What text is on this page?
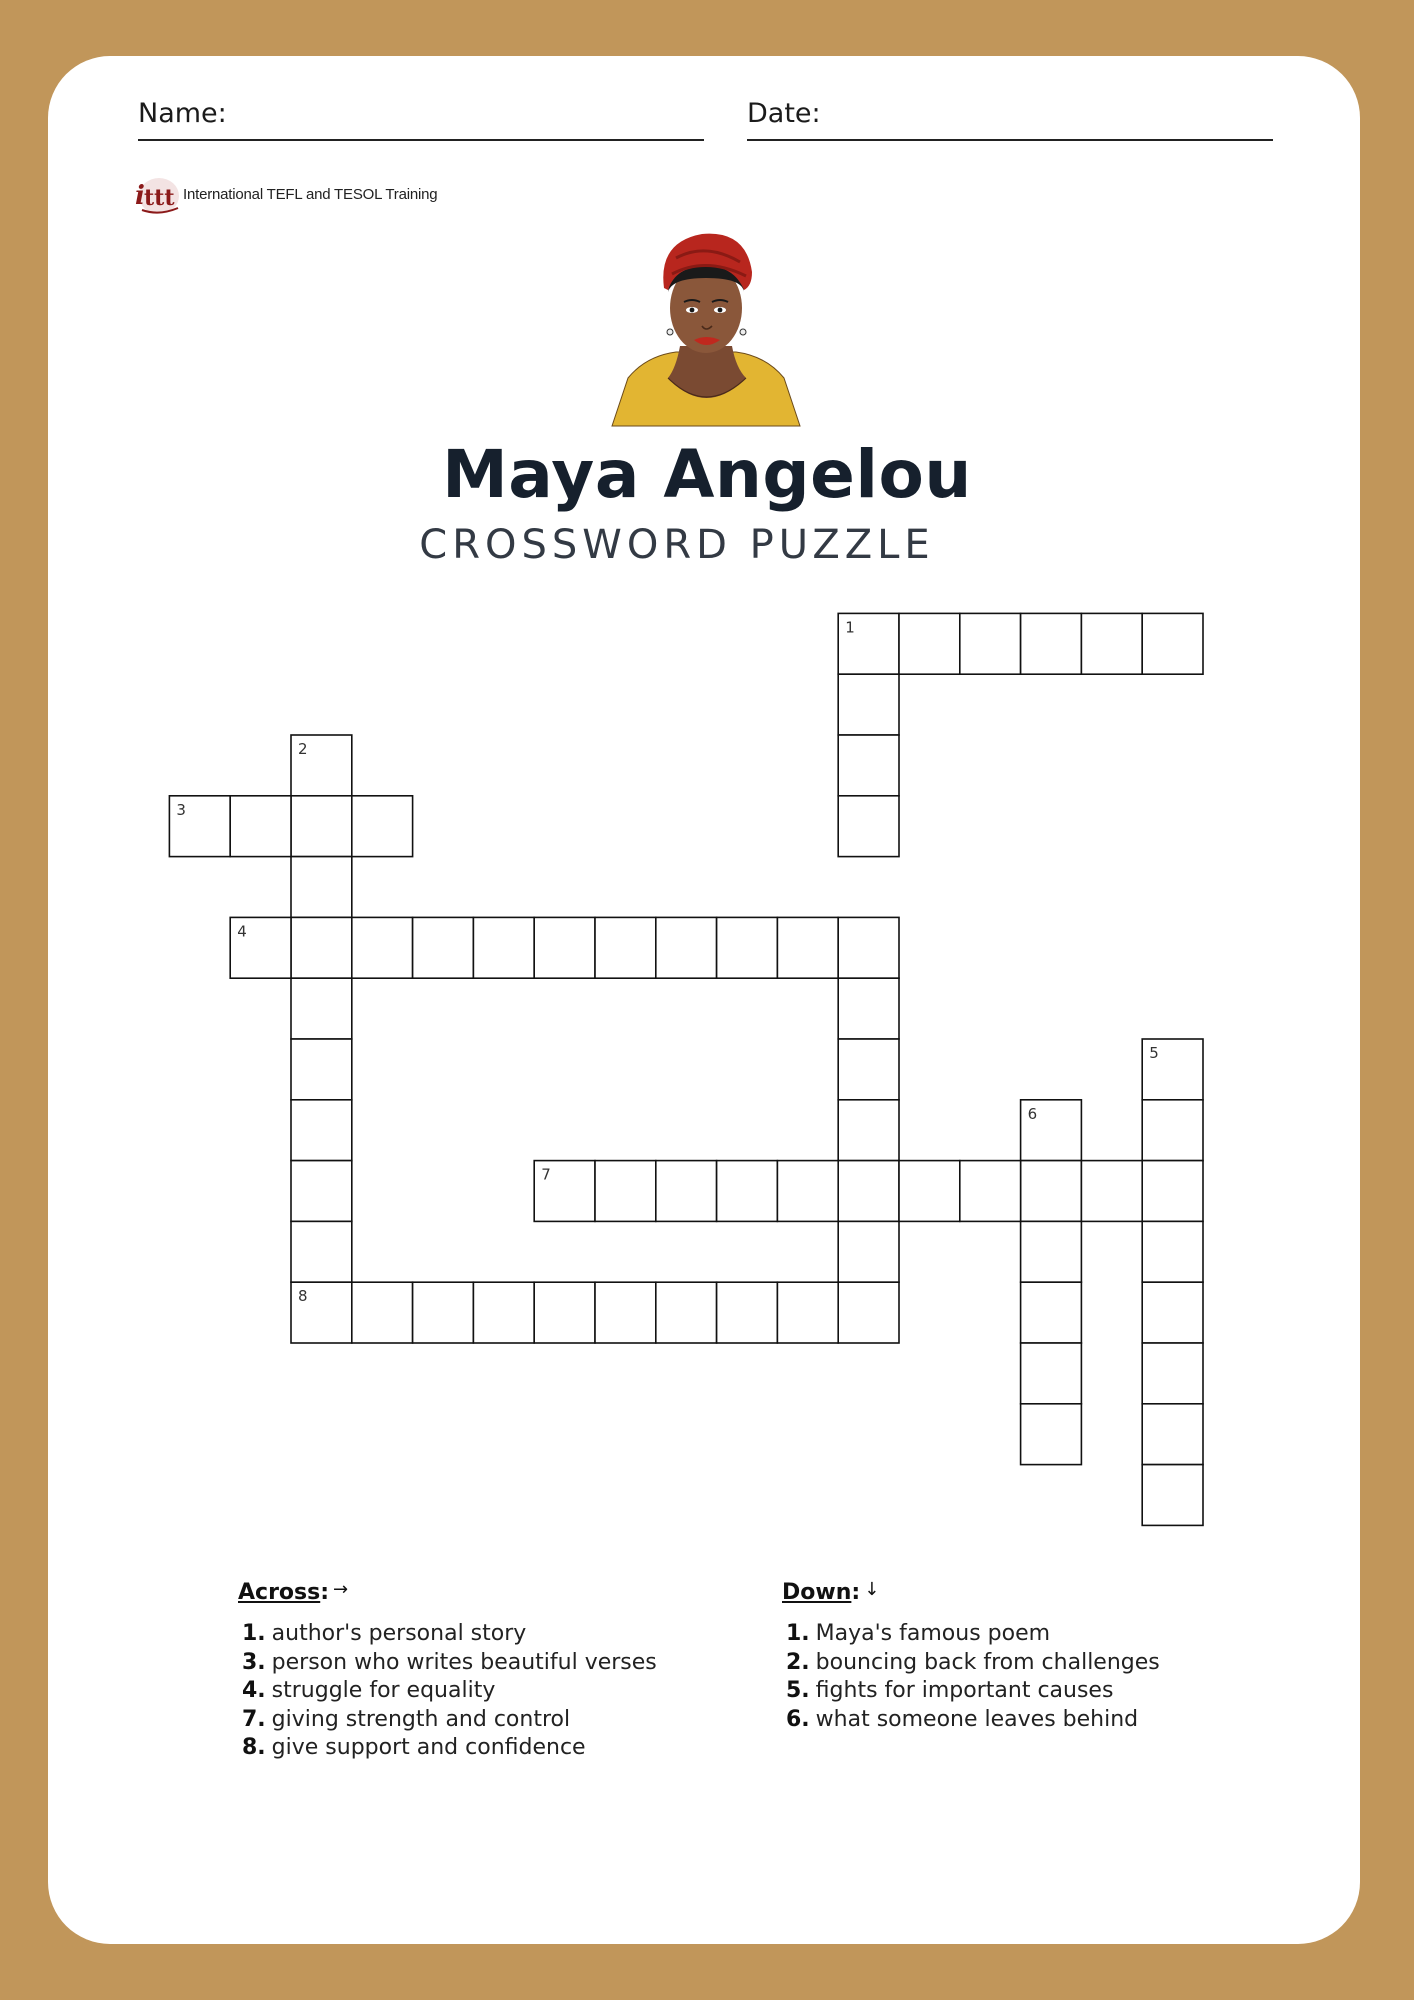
Name:	Date:
i ttt International TEFL and TESOL Training
Maya Angelou
CROSSWORD PUZZLE
1
2
3
4
5
6
7
8
Across: →
1. author's personal story
3. person who writes beautiful verses
4. struggle for equality
7. giving strength and control
8. give support and confidence
Down: ↓
1. Maya's famous poem
2. bouncing back from challenges
5. fights for important causes
6. what someone leaves behind
